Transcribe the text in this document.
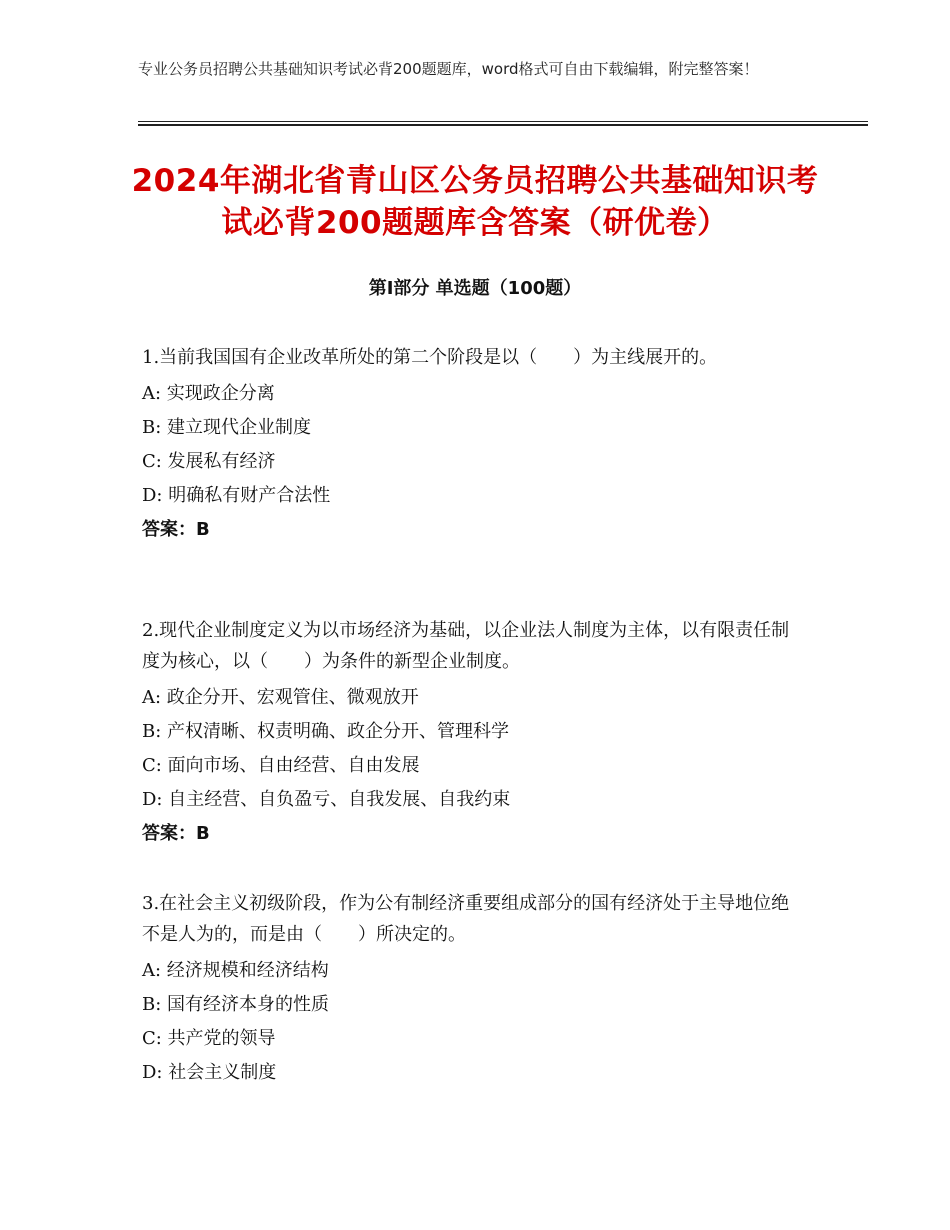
专业公务员招聘公共基础知识考试必背200题题库，word格式可自由下载编辑，附完整答案！
2024年湖北省青山区公务员招聘公共基础知识考试必背200题题库含答案（研优卷）
第Ⅰ部分 单选题（100题）

1.当前我国国有企业改革所处的第二个阶段是以（　　）为主线展开的。

A: 实现政企分离

B: 建立现代企业制度

C: 发展私有经济

D: 明确私有财产合法性

答案：B

2.现代企业制度定义为以市场经济为基础，以企业法人制度为主体，以有限责任制度为核心，以（　　）为条件的新型企业制度。

A: 政企分开、宏观管住、微观放开

B: 产权清晰、权责明确、政企分开、管理科学

C: 面向市场、自由经营、自由发展

D: 自主经营、自负盈亏、自我发展、自我约束

答案：B

3.在社会主义初级阶段，作为公有制经济重要组成部分的国有经济处于主导地位绝不是人为的，而是由（　　）所决定的。

A: 经济规模和经济结构

B: 国有经济本身的性质

C: 共产党的领导

D: 社会主义制度
